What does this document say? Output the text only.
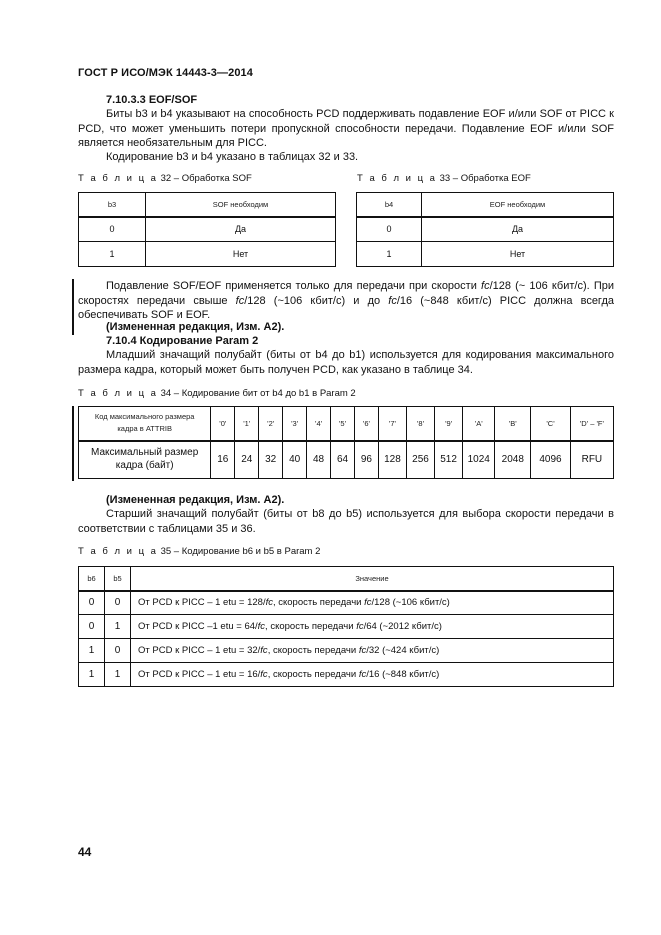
ГОСТ Р ИСО/МЭК 14443-3—2014
7.10.3.3 EOF/SOF
Биты b3 и b4 указывают на способность PCD поддерживать подавление EOF и/или SOF от PICC к PCD, что может уменьшить потери пропускной способности передачи. Подавление EOF и/или SOF является необязательным для PICC.
Кодирование b3 и b4 указано в таблицах 32 и 33.
Т а б л и ц а 32 – Обработка SOF
b3	SOF необходим
0	Да
1	Нет
Т а б л и ц а 33 – Обработка EOF
b4	EOF необходим
0	Да
1	Нет
Подавление SOF/EOF применяется только для передачи при скорости fc/128 (~ 106 кбит/с). При скоростях передачи свыше fc/128 (~106 кбит/с) и до fc/16 (~848 кбит/с) PICC должна всегда обеспечивать SOF и EOF.
(Измененная редакция, Изм. A2).
7.10.4 Кодирование Param 2
Младший значащий полубайт (биты от b4 до b1) используется для кодирования максимального размера кадра, который может быть получен PCD, как указано в таблице 34.
Т а б л и ц а 34 – Кодирование бит от b4 до b1 в Param 2
Код максимального размера кадра в ATTRIB	'0'	'1'	'2'	'3'	'4'	'5'	'6'	'7'	'8'	'9'	'A'	'B'	'C'	'D' – 'F'
Максимальный размер кадра (байт)	16	24	32	40	48	64	96	128	256	512	1024	2048	4096	RFU
(Измененная редакция, Изм. A2).
Старший значащий полубайт (биты от b8 до b5) используется для выбора скорости передачи в соответствии с таблицами 35 и 36.
Т а б л и ц а 35 – Кодирование b6 и b5 в Param 2
b6	b5	Значение
0	0	От PCD к PICC – 1 etu = 128/fc, скорость передачи fc/128 (~106 кбит/с)
0	1	От PCD к PICC –1 etu = 64/fc, скорость передачи fc/64 (~2012 кбит/с)
1	0	От PCD к PICC – 1 etu = 32/fc, скорость передачи fc/32 (~424 кбит/с)
1	1	От PCD к PICC – 1 etu = 16/fc, скорость передачи fc/16 (~848 кбит/с)
44
